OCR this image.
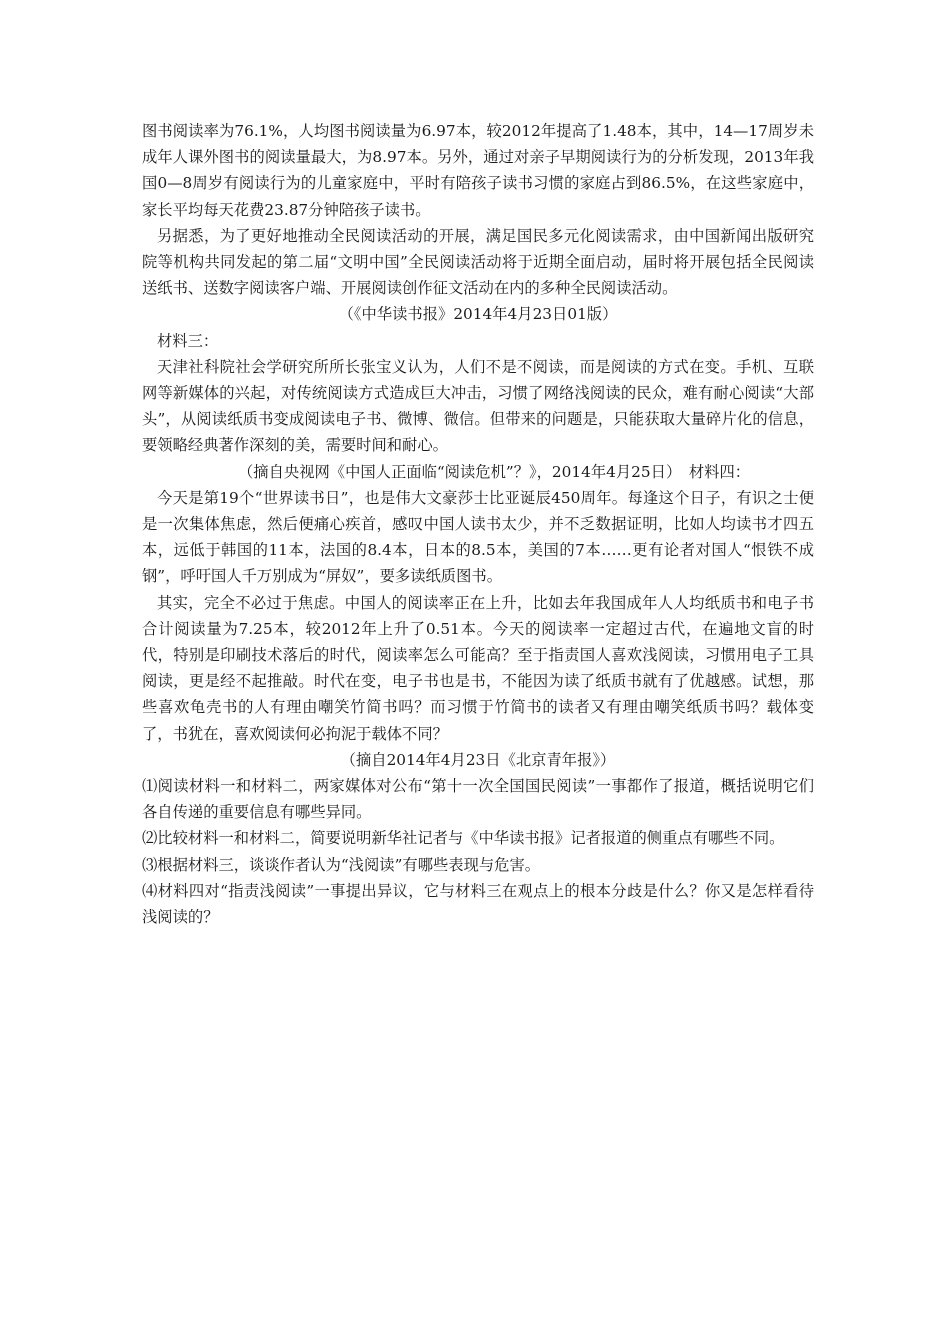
图书阅读率为76.1%，人均图书阅读量为6.97本，较2012年提高了1.48本，其中，14—17周岁未成年人课外图书的阅读量最大，为8.97本。另外，通过对亲子早期阅读行为的分析发现，2013年我国0—8周岁有阅读行为的儿童家庭中，平时有陪孩子读书习惯的家庭占到86.5%，在这些家庭中，家长平均每天花费23.87分钟陪孩子读书。

另据悉，为了更好地推动全民阅读活动的开展，满足国民多元化阅读需求，由中国新闻出版研究院等机构共同发起的第二届“文明中国”全民阅读活动将于近期全面启动，届时将开展包括全民阅读送纸书、送数字阅读客户端、开展阅读创作征文活动在内的多种全民阅读活动。

（《中华读书报》2014年4月23日01版）

材料三：

天津社科院社会学研究所所长张宝义认为，人们不是不阅读，而是阅读的方式在变。手机、互联网等新媒体的兴起，对传统阅读方式造成巨大冲击，习惯了网络浅阅读的民众，难有耐心阅读“大部头”，从阅读纸质书变成阅读电子书、微博、微信。但带来的问题是，只能获取大量碎片化的信息，要领略经典著作深刻的美，需要时间和耐心。

（摘自央视网《中国人正面临“阅读危机”？》，2014年4月25日）　材料四：

今天是第19个“世界读书日”，也是伟大文豪莎士比亚诞辰450周年。每逢这个日子，有识之士便是一次集体焦虑，然后便痛心疾首，感叹中国人读书太少，并不乏数据证明，比如人均读书才四五本，远低于韩国的11本，法国的8.4本，日本的8.5本，美国的7本……更有论者对国人“恨铁不成钢”，呼吁国人千万别成为“屏奴”，要多读纸质图书。

其实，完全不必过于焦虑。中国人的阅读率正在上升，比如去年我国成年人人均纸质书和电子书合计阅读量为7.25本，较2012年上升了0.51本。今天的阅读率一定超过古代，在遍地文盲的时代，特别是印刷技术落后的时代，阅读率怎么可能高？至于指责国人喜欢浅阅读，习惯用电子工具阅读，更是经不起推敲。时代在变，电子书也是书，不能因为读了纸质书就有了优越感。试想，那些喜欢龟壳书的人有理由嘲笑竹简书吗？而习惯于竹简书的读者又有理由嘲笑纸质书吗？载体变了，书犹在，喜欢阅读何必拘泥于载体不同？

（摘自2014年4月23日《北京青年报》）

⑴阅读材料一和材料二，两家媒体对公布“第十一次全国国民阅读”一事都作了报道，概括说明它们各自传递的重要信息有哪些异同。

⑵比较材料一和材料二，简要说明新华社记者与《中华读书报》记者报道的侧重点有哪些不同。

⑶根据材料三，谈谈作者认为“浅阅读”有哪些表现与危害。

⑷材料四对“指责浅阅读”一事提出异议，它与材料三在观点上的根本分歧是什么？你又是怎样看待浅阅读的？
